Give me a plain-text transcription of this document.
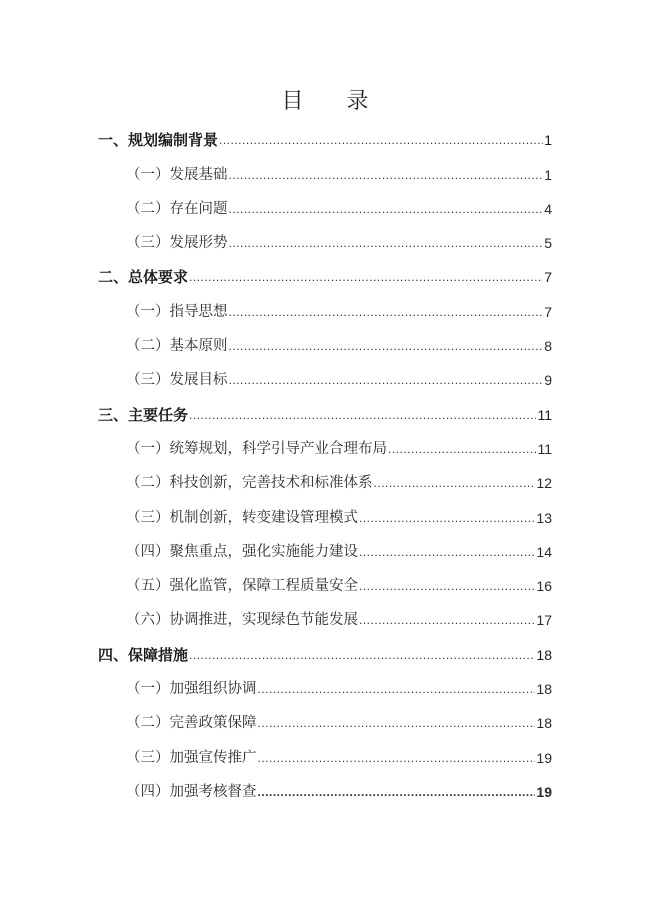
目 录
一、规划编制背景 .....	1
（一）发展基础 .....	1
（二）存在问题 .....	4
（三）发展形势 .....	5
二、总体要求 .....	7
（一）指导思想 .....	7
（二）基本原则 .....	8
（三）发展目标 .....	9
三、主要任务 .....	11
（一）统筹规划，科学引导产业合理布局 .....	11
（二）科技创新，完善技术和标准体系 .....	12
（三）机制创新，转变建设管理模式 .....	13
（四）聚焦重点，强化实施能力建设 .....	14
（五）强化监管，保障工程质量安全 .....	16
（六）协调推进，实现绿色节能发展 .....	17
四、保障措施 .....	18
（一）加强组织协调 .....	18
（二）完善政策保障 .....	18
（三）加强宣传推广 .....	19
（四）加强考核督查 .....	19
